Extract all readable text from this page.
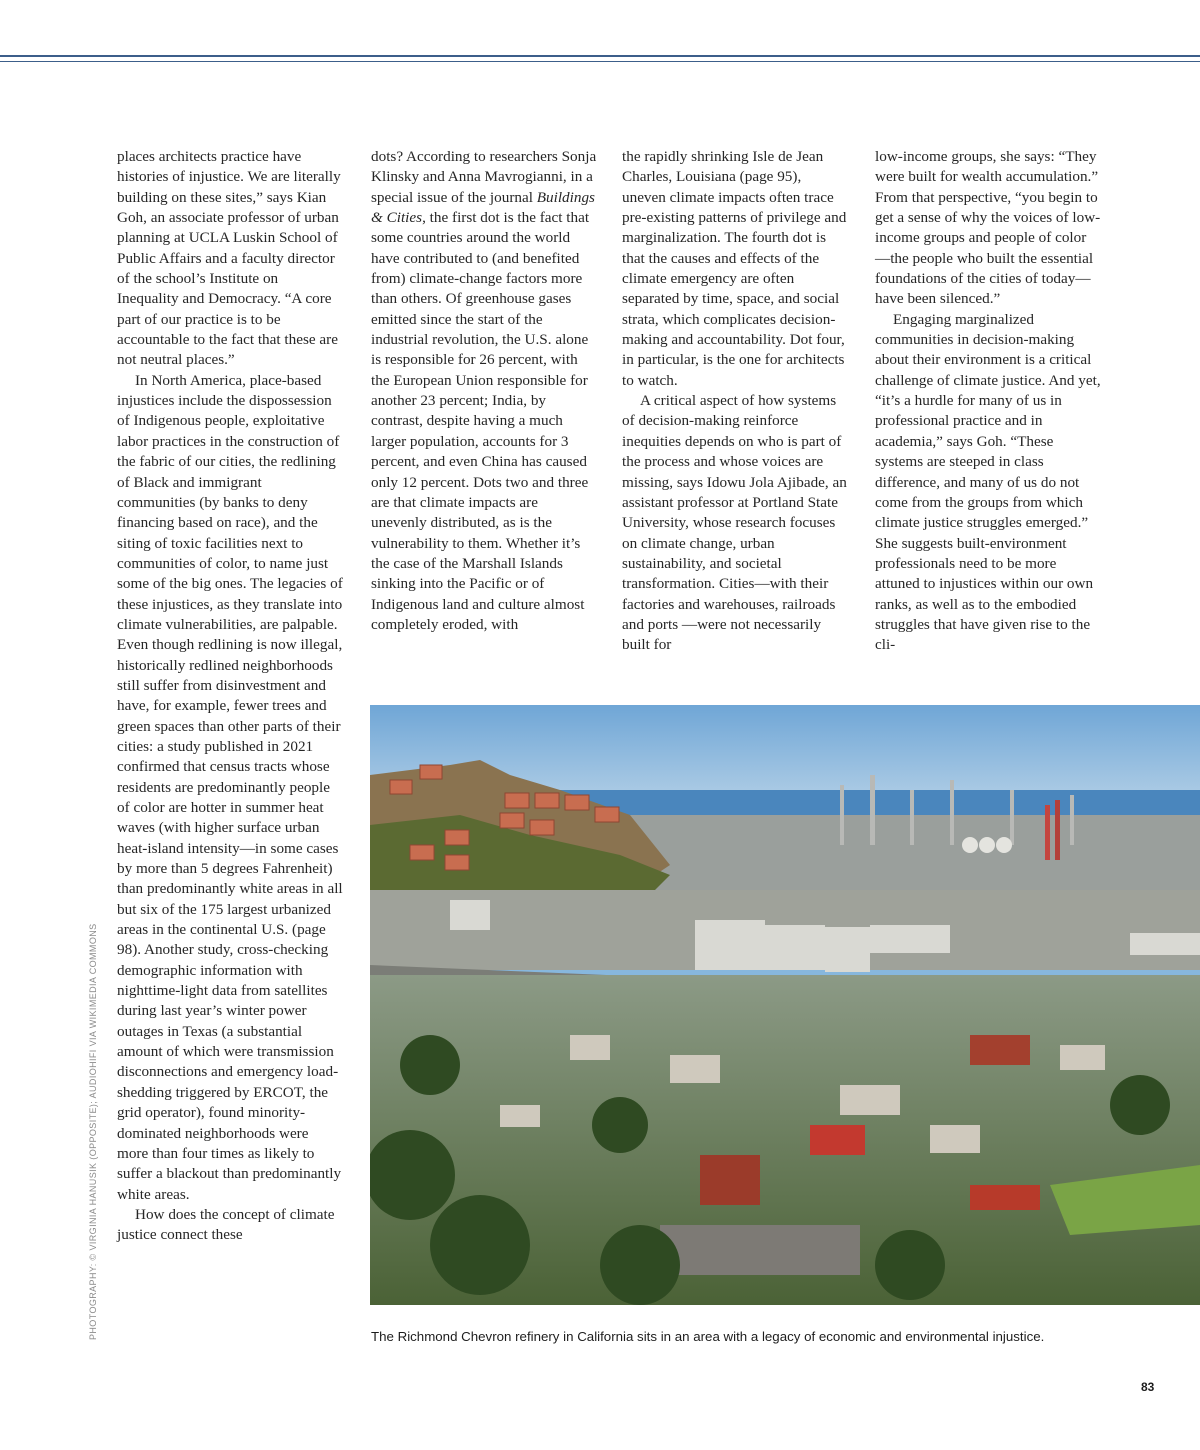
places architects practice have histories of injustice. We are literally building on these sites,” says Kian Goh, an associate professor of urban planning at UCLA Luskin School of Public Affairs and a faculty director of the school’s Institute on Inequality and Democracy. “A core part of our practice is to be accountable to the fact that these are not neutral places.”

In North America, place-based injustices include the dispossession of Indigenous people, exploitative labor practices in the construction of the fabric of our cities, the redlining of Black and immigrant communities (by banks to deny financing based on race), and the siting of toxic facilities next to communities of color, to name just some of the big ones. The legacies of these injustices, as they translate into climate vulnerabilities, are palpable. Even though redlining is now illegal, historically redlined neighborhoods still suffer from disinvestment and have, for example, fewer trees and green spaces than other parts of their cities: a study published in 2021 confirmed that census tracts whose residents are predominantly people of color are hotter in summer heat waves (with higher surface urban heat-island intensity—in some cases by more than 5 degrees Fahrenheit) than predominantly white areas in all but six of the 175 largest urbanized areas in the continental U.S. (page 98). Another study, cross-checking demographic information with nighttime-light data from satellites during last year’s winter power outages in Texas (a substantial amount of which were transmission disconnections and emergency load-shedding triggered by ERCOT, the grid operator), found minority-dominated neighborhoods were more than four times as likely to suffer a blackout than predominantly white areas.

How does the concept of climate justice connect these

dots? According to researchers Sonja Klinsky and Anna Mavrogianni, in a special issue of the journal Buildings & Cities, the first dot is the fact that some countries around the world have contributed to (and benefited from) climate-change factors more than others. Of greenhouse gases emitted since the start of the industrial revolution, the U.S. alone is responsible for 26 percent, with the European Union responsible for another 23 percent; India, by contrast, despite having a much larger population, accounts for 3 percent, and even China has caused only 12 percent. Dots two and three are that climate impacts are unevenly distributed, as is the vulnerability to them. Whether it’s the case of the Marshall Islands sinking into the Pacific or of Indigenous land and culture almost completely eroded, with

the rapidly shrinking Isle de Jean Charles, Louisiana (page 95), uneven climate impacts often trace pre-existing patterns of privilege and marginalization. The fourth dot is that the causes and effects of the climate emergency are often separated by time, space, and social strata, which complicates decision-making and accountability. Dot four, in particular, is the one for architects to watch.

A critical aspect of how systems of decision-making reinforce inequities depends on who is part of the process and whose voices are missing, says Idowu Jola Ajibade, an assistant professor at Portland State University, whose research focuses on climate change, urban sustainability, and societal transformation. Cities—with their factories and warehouses, railroads and ports —were not necessarily built for

low-income groups, she says: “They were built for wealth accumulation.” From that perspective, “you begin to get a sense of why the voices of low-income groups and people of color—the people who built the essential foundations of the cities of today—have been silenced.”

Engaging marginalized communities in decision-making about their environment is a critical challenge of climate justice. And yet, “it’s a hurdle for many of us in professional practice and in academia,” says Goh. “These systems are steeped in class difference, and many of us do not come from the groups from which climate justice struggles emerged.” She suggests built-environment professionals need to be more attuned to injustices within our own ranks, as well as to the embodied struggles that have given rise to the cli-

PHOTOGRAPHY: © VIRGINIA HANUSIK (OPPOSITE); AUDIOHIFI VIA WIKIMEDIA COMMONS	The Richmond Chevron refinery in California sits in an area with a legacy of economic and environmental injustice.
83
